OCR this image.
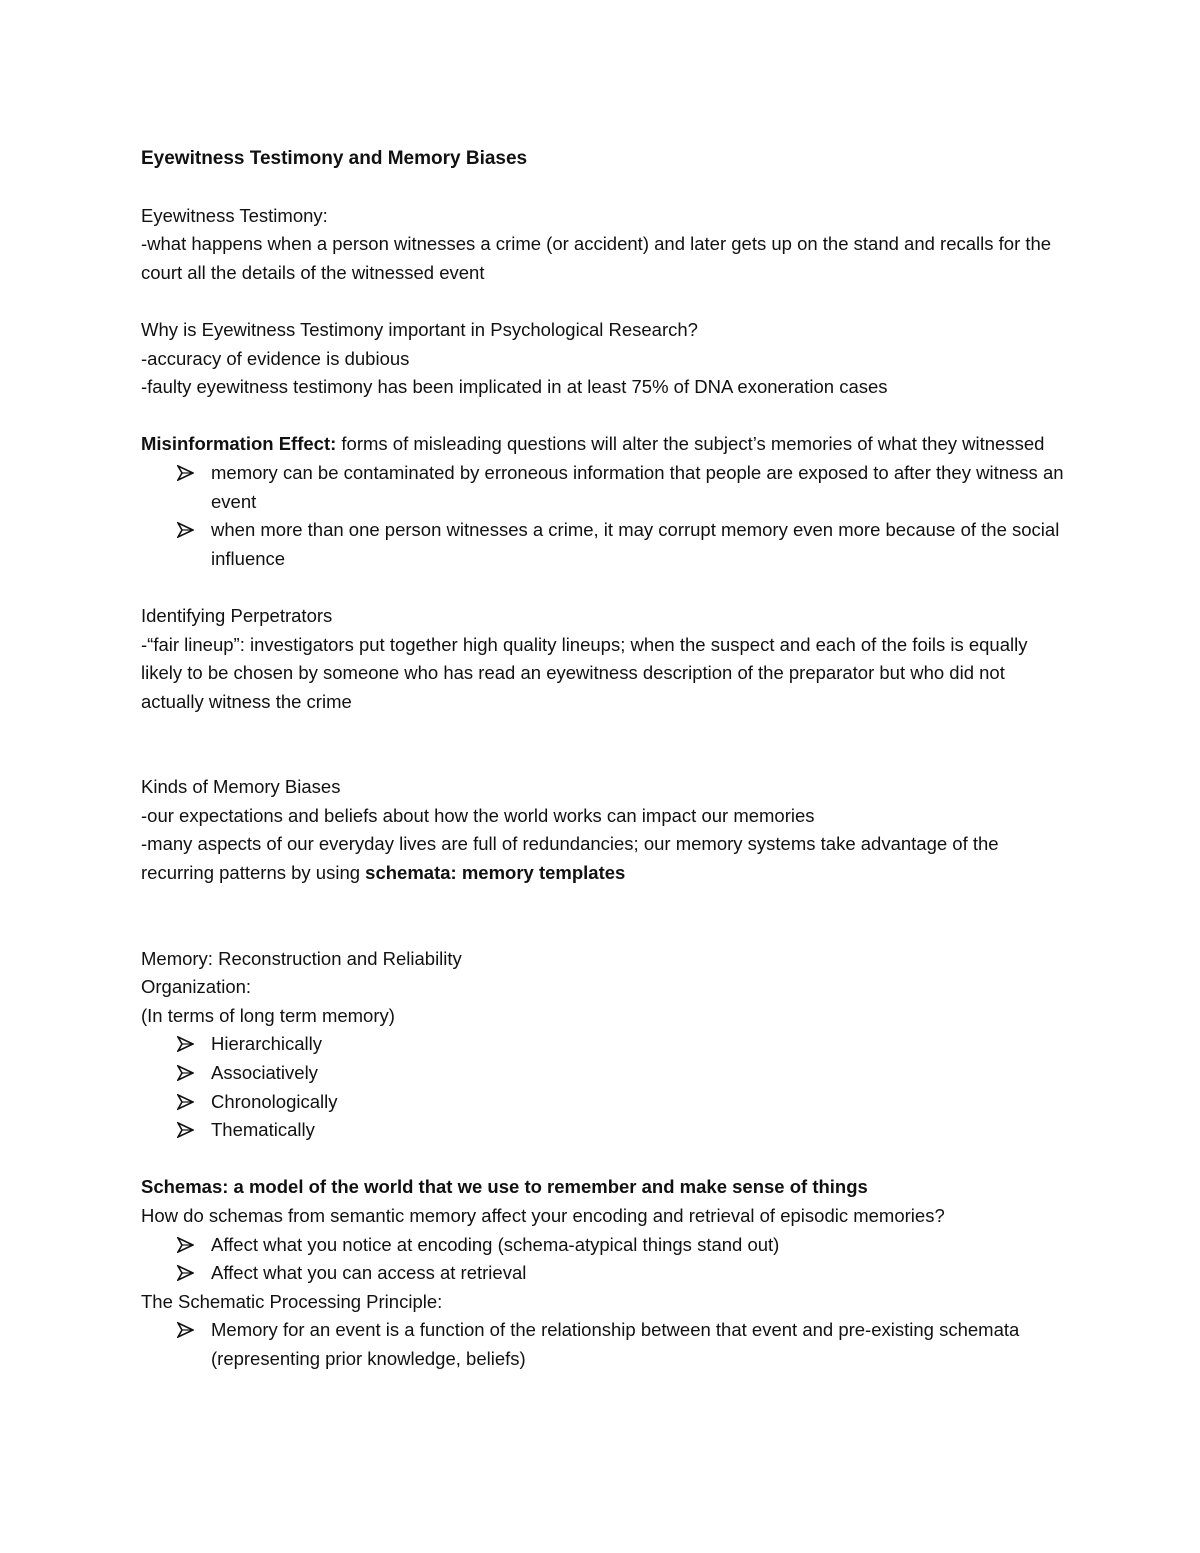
Eyewitness Testimony and Memory Biases

Eyewitness Testimony:

-what happens when a person witnesses a crime (or accident) and later gets up on the stand and recalls for the court all the details of the witnessed event

Why is Eyewitness Testimony important in Psychological Research?

-accuracy of evidence is dubious

-faulty eyewitness testimony has been implicated in at least 75% of DNA exoneration cases

Misinformation Effect: forms of misleading questions will alter the subject’s memories of what they witnessed

memory can be contaminated by erroneous information that people are exposed to after they witness an event
when more than one person witnesses a crime, it may corrupt memory even more because of the social influence

Identifying Perpetrators

-“fair lineup”: investigators put together high quality lineups; when the suspect and each of the foils is equally likely to be chosen by someone who has read an eyewitness description of the preparator but who did not actually witness the crime

Kinds of Memory Biases

-our expectations and beliefs about how the world works can impact our memories

-many aspects of our everyday lives are full of redundancies; our memory systems take advantage of the recurring patterns by using schemata: memory templates

Memory: Reconstruction and Reliability

Organization:

(In terms of long term memory)

Hierarchically
Associatively
Chronologically
Thematically

Schemas: a model of the world that we use to remember and make sense of things

How do schemas from semantic memory affect your encoding and retrieval of episodic memories?

Affect what you notice at encoding (schema-atypical things stand out)
Affect what you can access at retrieval

The Schematic Processing Principle:

Memory for an event is a function of the relationship between that event and pre-existing schemata (representing prior knowledge, beliefs)
